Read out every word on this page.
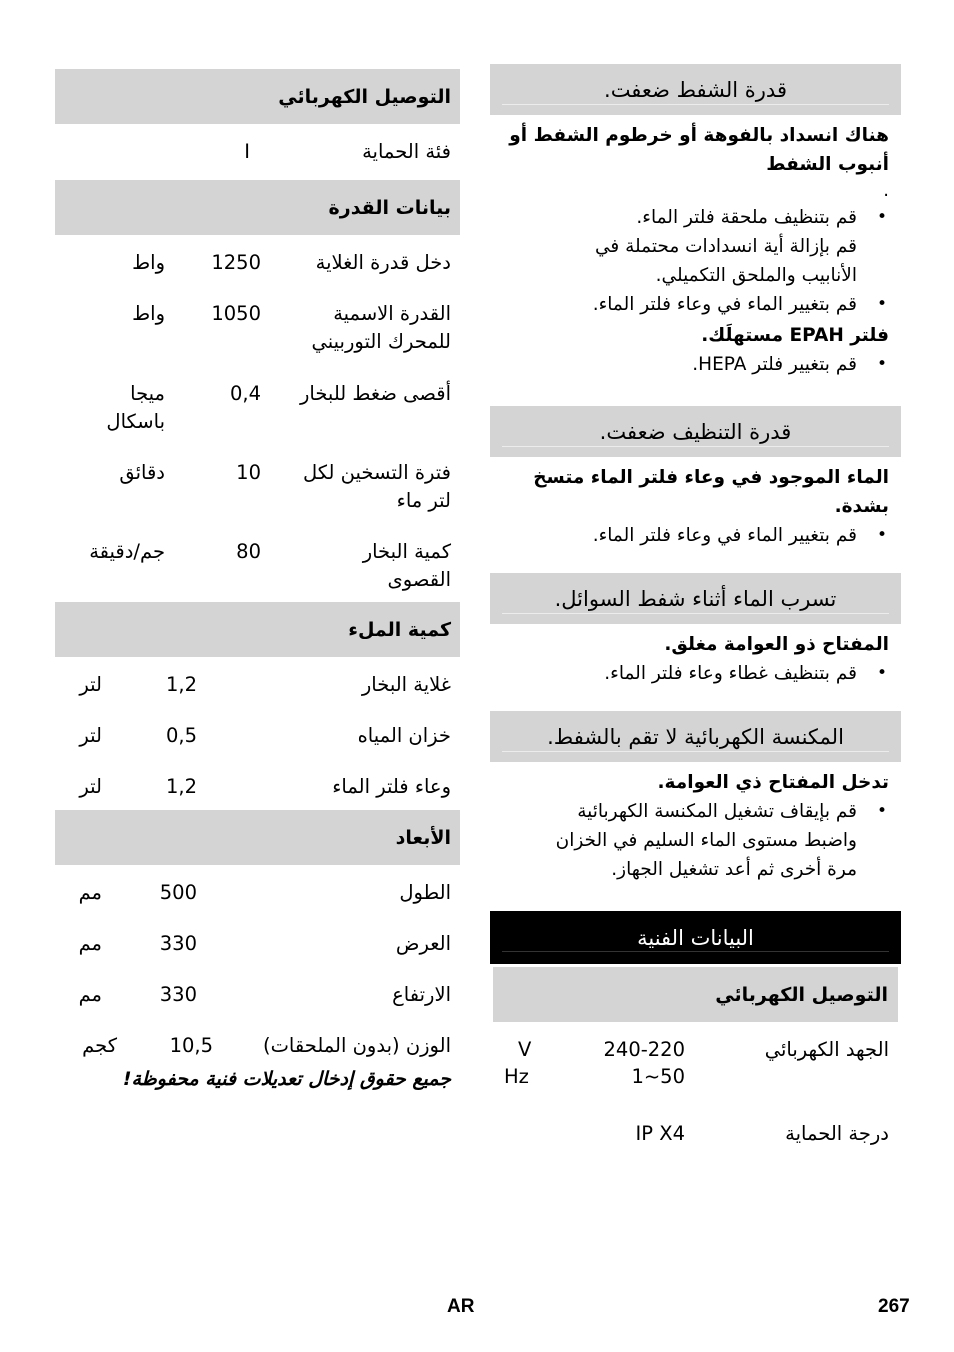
قدرة الشفط ضعفت.
هناك انسداد بالفوهة أو خرطوم الشفط أو أنبوب الشفط
.
• قم بتنظيف ملحقة فلتر الماء.
قم بإزالة أية انسدادات محتملة في
الأنابيب والملحق التكميلي.
• قم بتغيير الماء في وعاء فلتر الماء.
فلتر EPAH مستهلَك.
• قم بتغيير فلتر HEPA.
قدرة التنظيف ضعفت.
الماء الموجود في وعاء فلتر الماء متسخ بشدة.
• قم بتغيير الماء في وعاء فلتر الماء.
تسرب الماء أثناء شفط السوائل.
المفتاح ذو العوامة مغلق.
• قم بتنظيف غطاء وعاء فلتر الماء.
المكنسة الكهربائية لا تقم بالشفط.
تدخل المفتاح ذي العوامة.
• قم بإيقاف تشغيل المكنسة الكهربائية واضبط مستوى الماء السليم في الخزان مرة أخرى ثم أعد تشغيل الجهاز.
البيانات الفنية
التوصيل الكهربائي
الجهد الكهربائي
240-220
V
1~50
Hz
درجة الحماية
IP X4
التوصيل الكهربائي
فئة الحماية
I
بيانات القدرة
دخل قدرة الغلاية
1250
واط
القدرة الاسمية للمحرك التوربيني
1050
واط
أقصى ضغط للبخار
0,4
ميجا باسكال
فترة التسخين لكل لتر ماء
10
دقائق
كمية البخار القصوى
80
جم/دقيقة
كمية الملء
غلاية البخار
1,2
لتر
خزان المياه
0,5
لتر
وعاء فلتر الماء
1,2
لتر
الأبعاد
الطول
500
مم
العرض
330
مم
الارتفاع
330
مم
الوزن (بدون الملحقات)
10,5
كجم
جميع حقوق إدخال تعديلات فنية محفوظة!
AR	267
